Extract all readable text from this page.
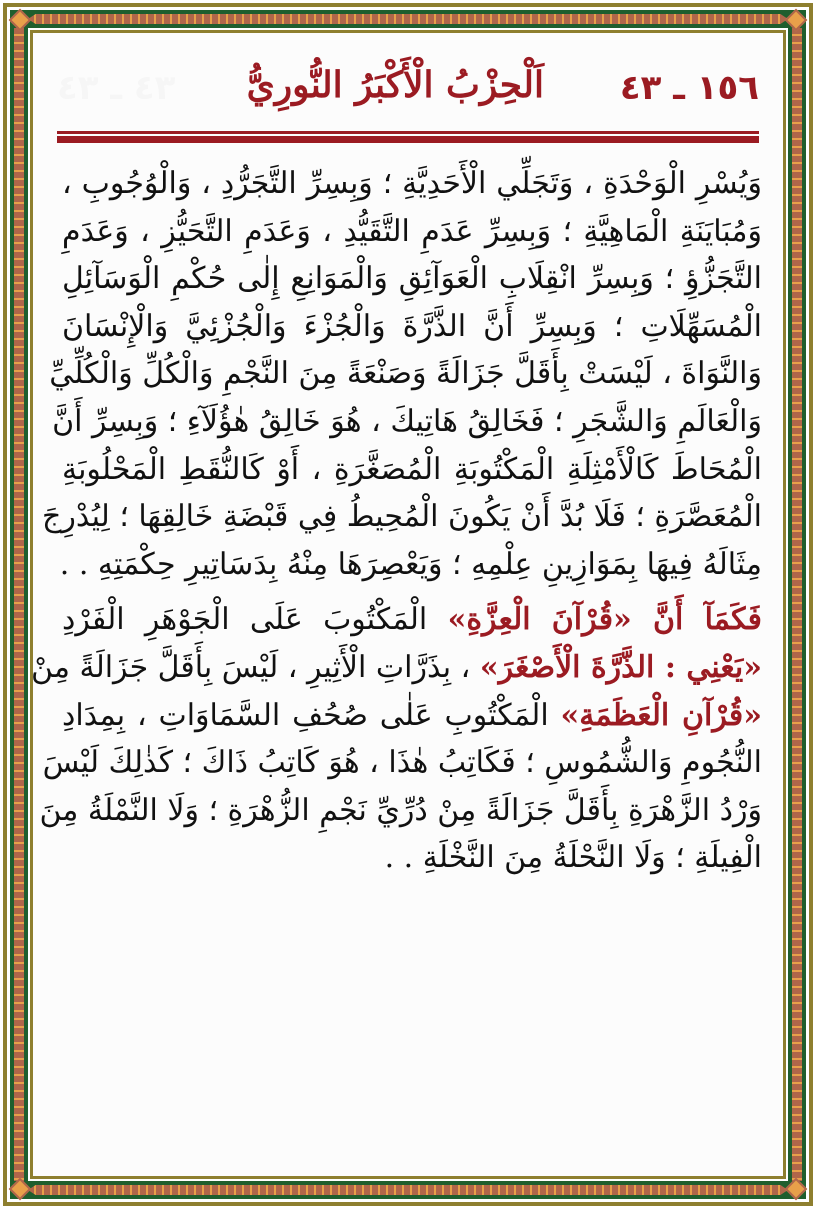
٤٣ ـ ٤٣ اَلْحِزْبُ الْأَكْبَرُ النُّورِيُّ ١٥٦ ـ ٤٣
وَيُسْرِ الْوَحْدَةِ ، وَتَجَلِّي الْأَحَدِيَّةِ ؛ وَبِسِرِّ التَّجَرُّدِ ، وَالْوُجُوبِ ،
وَمُبَايَنَةِ الْمَاهِيَّةِ ؛ وَبِسِرِّ عَدَمِ التَّقَيُّدِ ، وَعَدَمِ التَّحَيُّزِ ، وَعَدَمِ
التَّجَزُّؤِ ؛ وَبِسِرِّ انْقِلَابِ الْعَوَآئِقِ وَالْمَوَانِعِ إِلٰى حُكْمِ الْوَسَآئِلِ
الْمُسَهِّلَاتِ ؛ وَبِسِرِّ أَنَّ الذَّرَّةَ وَالْجُزْءَ وَالْجُزْئِيَّ وَالْإِنْسَانَ
وَالنَّوَاةَ ، لَيْسَتْ بِأَقَلَّ جَزَالَةً وَصَنْعَةً مِنَ النَّجْمِ وَالْكُلِّ وَالْكُلِّيِّ
وَالْعَالَمِ وَالشَّجَرِ ؛ فَخَالِقُ هَاتِيكَ ، هُوَ خَالِقُ هٰؤُلَآءِ ؛ وَبِسِرِّ أَنَّ
الْمُحَاطَ كَالْأَمْثِلَةِ الْمَكْتُوبَةِ الْمُصَغَّرَةِ ، أَوْ كَالنُّقَطِ الْمَحْلُوبَةِ
الْمُعَصَّرَةِ ؛ فَلَا بُدَّ أَنْ يَكُونَ الْمُحِيطُ فِي قَبْضَةِ خَالِقِهَا ؛ لِيُدْرِجَ
مِثَالَهُ فِيهَا بِمَوَازِينِ عِلْمِهِ ؛ وَيَعْصِرَهَا مِنْهُ بِدَسَاتِيرِ حِكْمَتِهِ . .
فَكَمَآ أَنَّ «قُرْآنَ الْعِزَّةِ» الْمَكْتُوبَ عَلَى الْجَوْهَرِ الْفَرْدِ
«يَعْنِي : الذَّرَّةَ الْأَصْغَرَ» ، بِذَرَّاتِ الْأَثِيرِ ، لَيْسَ بِأَقَلَّ جَزَالَةً مِنْ
«قُرْآنِ الْعَظَمَةِ» الْمَكْتُوبِ عَلٰى صُحُفِ السَّمَاوَاتِ ، بِمِدَادِ
النُّجُومِ وَالشُّمُوسِ ؛ فَكَاتِبُ هٰذَا ، هُوَ كَاتِبُ ذَاكَ ؛ كَذٰلِكَ لَيْسَ
وَرْدُ الزَّهْرَةِ بِأَقَلَّ جَزَالَةً مِنْ دُرِّيِّ نَجْمِ الزُّهْرَةِ ؛ وَلَا النَّمْلَةُ مِنَ
الْفِيلَةِ ؛ وَلَا النَّحْلَةُ مِنَ النَّخْلَةِ . .
